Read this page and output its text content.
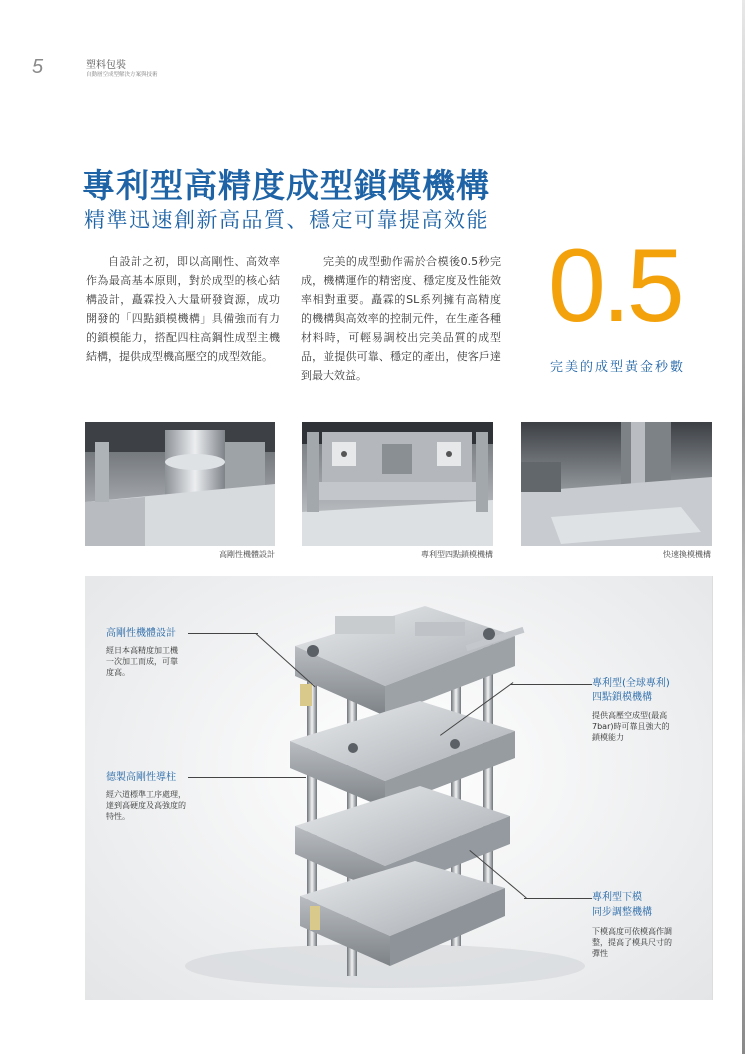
5	塑料包裝
自動層空成型解決方案與技術
專利型高精度成型鎖模機構
精準迅速創新高品質、穩定可靠提高效能
自設計之初，即以高剛性、高效率作為最高基本原則，對於成型的核心結構設計，矗霖投入大量研發資源，成功開發的「四點鎖模機構」具備強而有力的鎖模能力，搭配四柱高鋼性成型主機結構，提供成型機高壓空的成型效能。
完美的成型動作需於合模後0.5秒完成，機構運作的精密度、穩定度及性能效率相對重要。矗霖的SL系列擁有高精度的機構與高效率的控制元件，在生產各種材料時，可輕易調校出完美品質的成型品，並提供可靠、穩定的產出，使客戶達到最大效益。
0.5
完美的成型黃金秒數
高剛性機體設計	專利型四點鎖模機構	快速換模機構
高剛性機體設計
經日本高精度加工機一次加工而成，可靠度高。
德製高剛性導柱
經六道標準工序處理，達到高硬度及高強度的特性。
專利型(全球專利)
四點鎖模機構
提供高壓空成型(最高7bar)時可靠且強大的鎖模能力
專利型下模
同步調整機構
下模高度可依模高作調整，提高了模具尺寸的彈性
